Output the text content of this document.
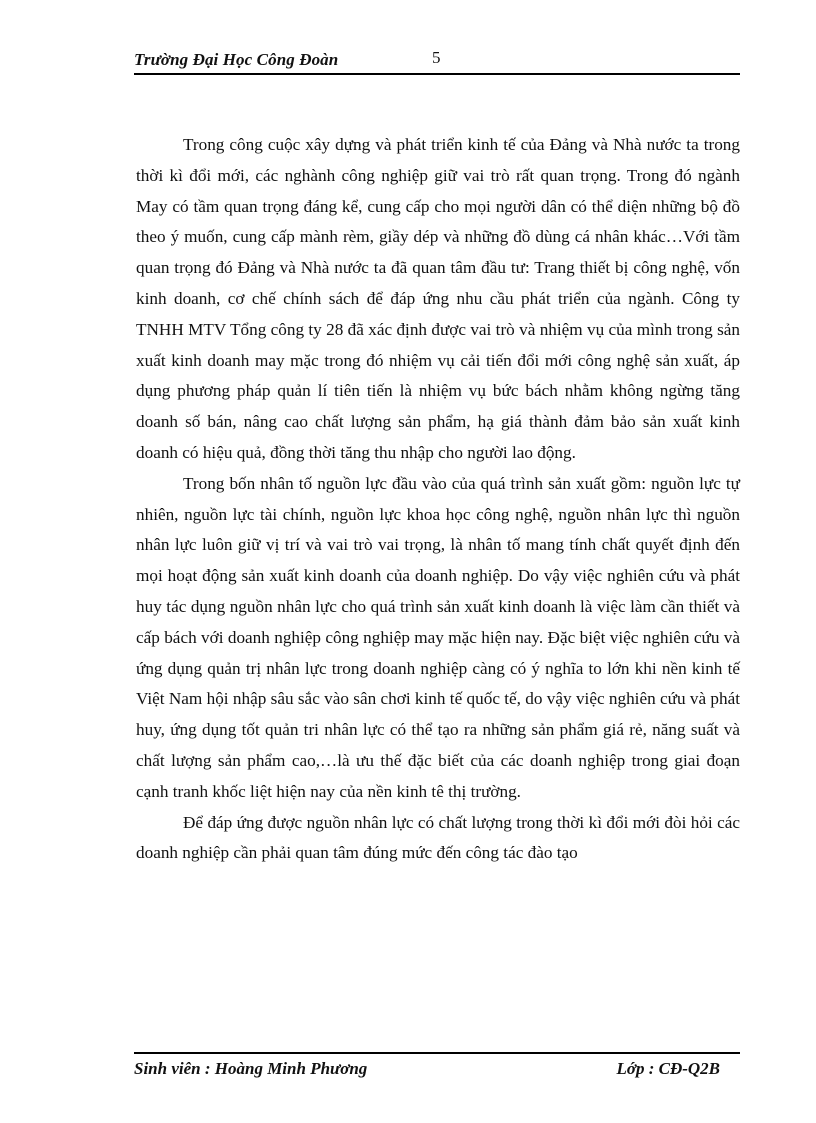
Trường Đại Học Công Đoàn	5

Trong công cuộc xây dựng và phát triển kinh tế của Đảng và Nhà nước ta trong thời kì đổi mới, các nghành công nghiệp giữ vai trò rất quan trọng. Trong đó ngành May có tầm quan trọng đáng kể, cung cấp cho mọi người dân có thể diện những bộ đồ theo ý muốn, cung cấp mành rèm, giầy dép và những đồ dùng cá nhân khác…Với tầm quan trọng đó Đảng và Nhà nước ta đã quan tâm đầu tư: Trang thiết bị công nghệ, vốn kinh doanh, cơ chế chính sách để đáp ứng nhu cầu phát triển của ngành. Công ty TNHH MTV Tổng công ty 28 đã xác định được vai trò và nhiệm vụ của mình trong sản xuất kinh doanh may mặc trong đó nhiệm vụ cải tiến đổi mới công nghệ sản xuất, áp dụng phương pháp quản lí tiên tiến là nhiệm vụ bức bách nhằm không ngừng tăng doanh số bán, nâng cao chất lượng sản phẩm, hạ giá thành đảm bảo sản xuất kinh doanh có hiệu quả, đồng thời tăng thu nhập cho người lao động.

Trong bốn nhân tố nguồn lực đầu vào của quá trình sản xuất gồm: nguồn lực tự nhiên, nguồn lực tài chính, nguồn lực khoa học công nghệ, nguồn nhân lực thì nguồn nhân lực luôn giữ vị trí và vai trò vai trọng, là nhân tố mang tính chất quyết định đến mọi hoạt động sản xuất kinh doanh của doanh nghiệp. Do vậy việc nghiên cứu và phát huy tác dụng nguồn nhân lực cho quá trình sản xuất kinh doanh là việc làm cần thiết và cấp bách với doanh nghiệp công nghiệp may mặc hiện nay. Đặc biệt việc nghiên cứu và ứng dụng quản trị nhân lực trong doanh nghiệp càng có ý nghĩa to lớn khi nền kinh tế Việt Nam hội nhập sâu sắc vào sân chơi kinh tế quốc tế, do vậy việc nghiên cứu và phát huy, ứng dụng tốt quản tri nhân lực có thể tạo ra những sản phẩm giá rẻ, năng suất và chất lượng sản phẩm cao,…là ưu thế đặc biết của các doanh nghiệp trong giai đoạn cạnh tranh khốc liệt hiện nay của nền kinh tê thị trường.

Để đáp ứng được nguồn nhân lực có chất lượng trong thời kì đổi mới đòi hỏi các doanh nghiệp cần phải quan tâm đúng mức đến công tác đào tạo

Sinh viên : Hoàng Minh Phương	Lớp : CĐ-Q2B
